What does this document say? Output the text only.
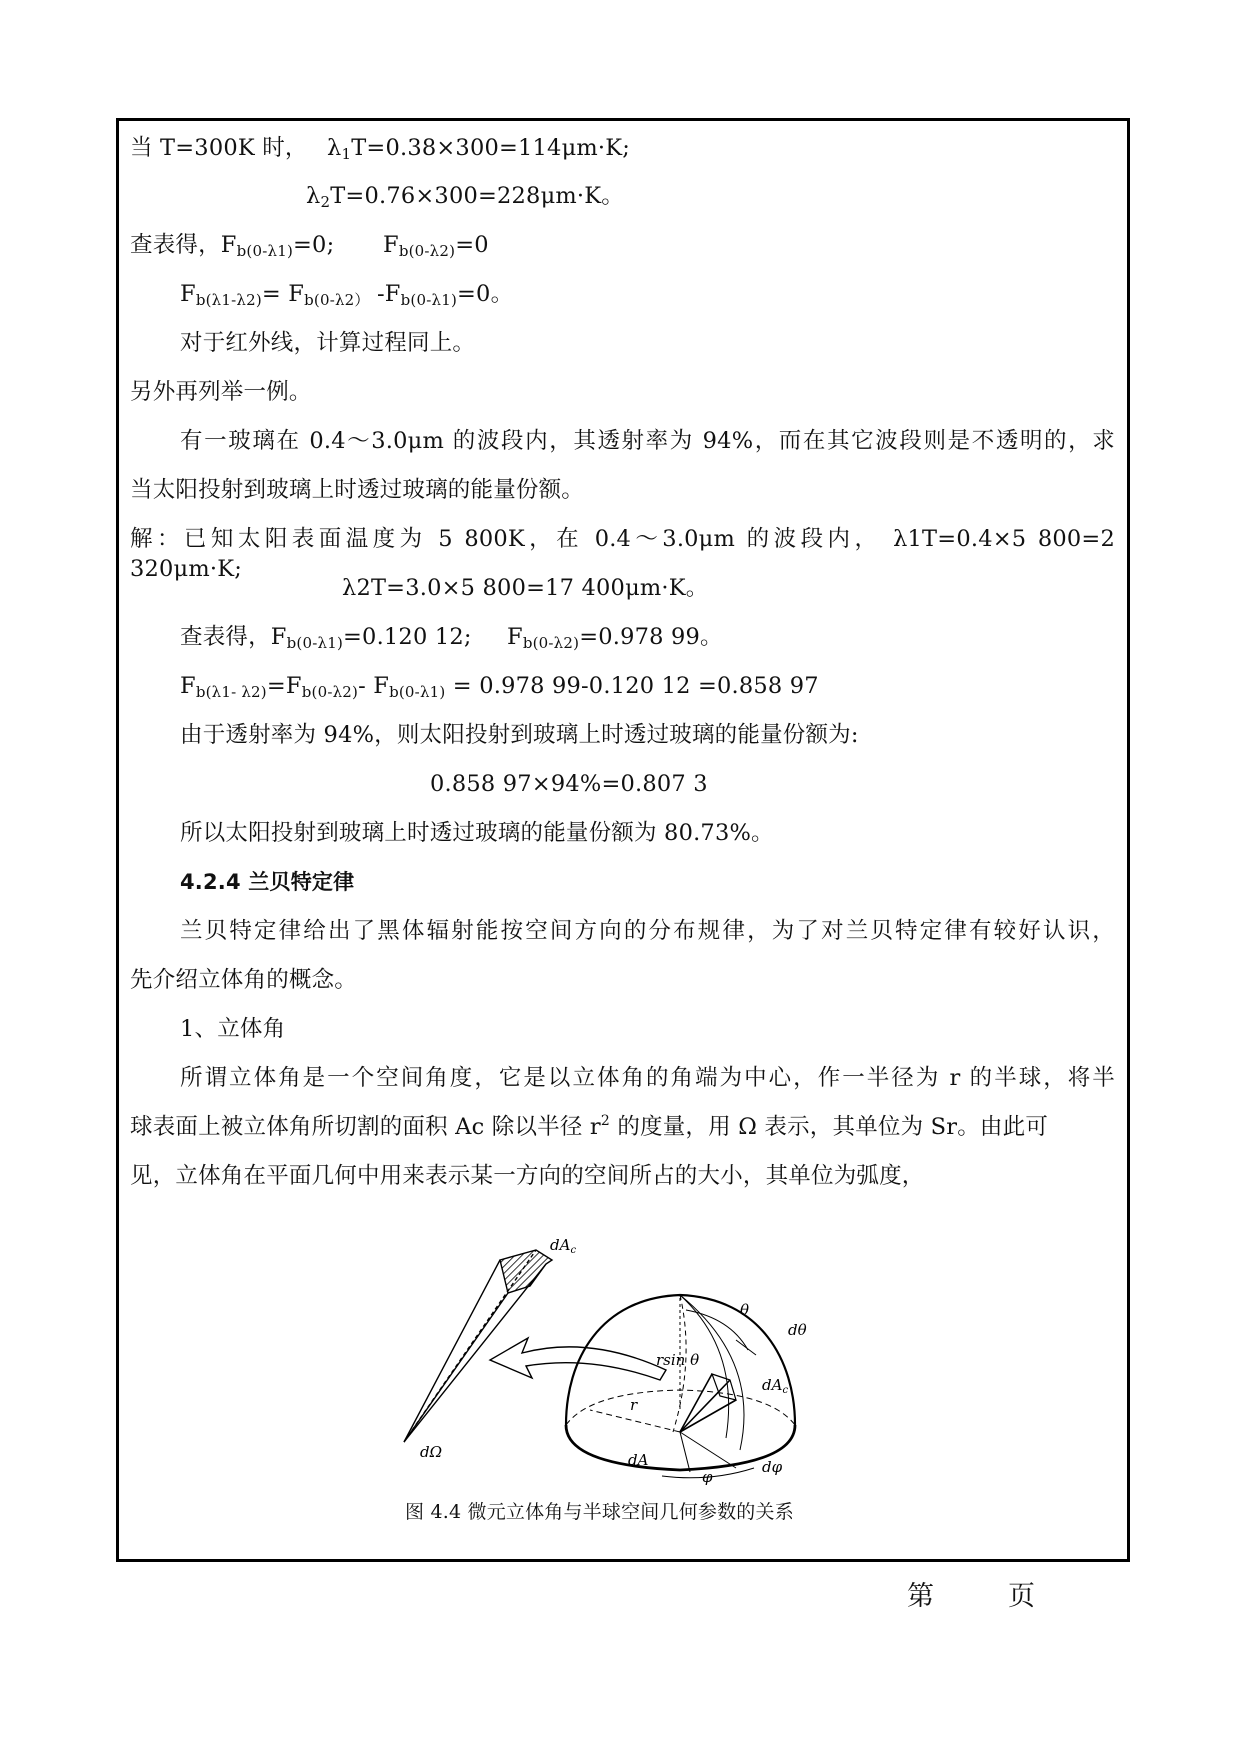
当 T=300K 时， $\lambda_1T=0.38\times 300=114\mu m\cdot K$;
$\lambda_2T=0.76\times 300=228\mu m\cdot K$。
查表得，$F_{b(0-\lambda 1)}=0$; $F_{b(0-\lambda 2)}=0$
$F_{b(\lambda 1-\lambda 2)}= F_{b(0-\lambda 2)}$ $-F_{b(0-\lambda 1)}=0$。
对于红外线，计算过程同上。
另外再列举一例。
有一玻璃在 0.4～3.0μm 的波段内，其透射率为 94%，而在其它波段则是不透明的，求
当太阳投射到玻璃上时透过玻璃的能量份额。
解：已知太阳表面温度为 5 800K，在 0.4～3.0μm 的波段内， λ1T=0.4×5 800=2 320μm·K;
λ2T=3.0×5 800=17 400μm·K。
查表得，$F_{b(0-\lambda 1)}=0.120$ 12; $F_{b(0-\lambda 2)}=0.978$ 99。
$F_{b(\lambda 1- \lambda 2)}=F_{b(0-\lambda 2)}-$ $F_{b(0-\lambda 1)} = 0.978$ 99-0.120 12 =0.858 97
由于透射率为 94%，则太阳投射到玻璃上时透过玻璃的能量份额为:
0.858 97×94%=0.807 3
所以太阳投射到玻璃上时透过玻璃的能量份额为 80.73%。
4.2.4 兰贝特定律
兰贝特定律给出了黑体辐射能按空间方向的分布规律，为了对兰贝特定律有较好认识，
先介绍立体角的概念。
1、立体角
所谓立体角是一个空间角度，它是以立体角的角端为中心，作一半径为 r 的半球，将半
球表面上被立体角所切割的面积 Ac 除以半径 $r^2$ 的度量，用 Ω 表示，其单位为 Sr。由此可
见，立体角在平面几何中用来表示某一方向的空间所占的大小，其单位为弧度，
$dA_c$
θ
dθ
rsin θ
$dA_c$
r
dA
φ
dφ
dΩ
图 4.4 微元立体角与半球空间几何参数的关系
第	页
